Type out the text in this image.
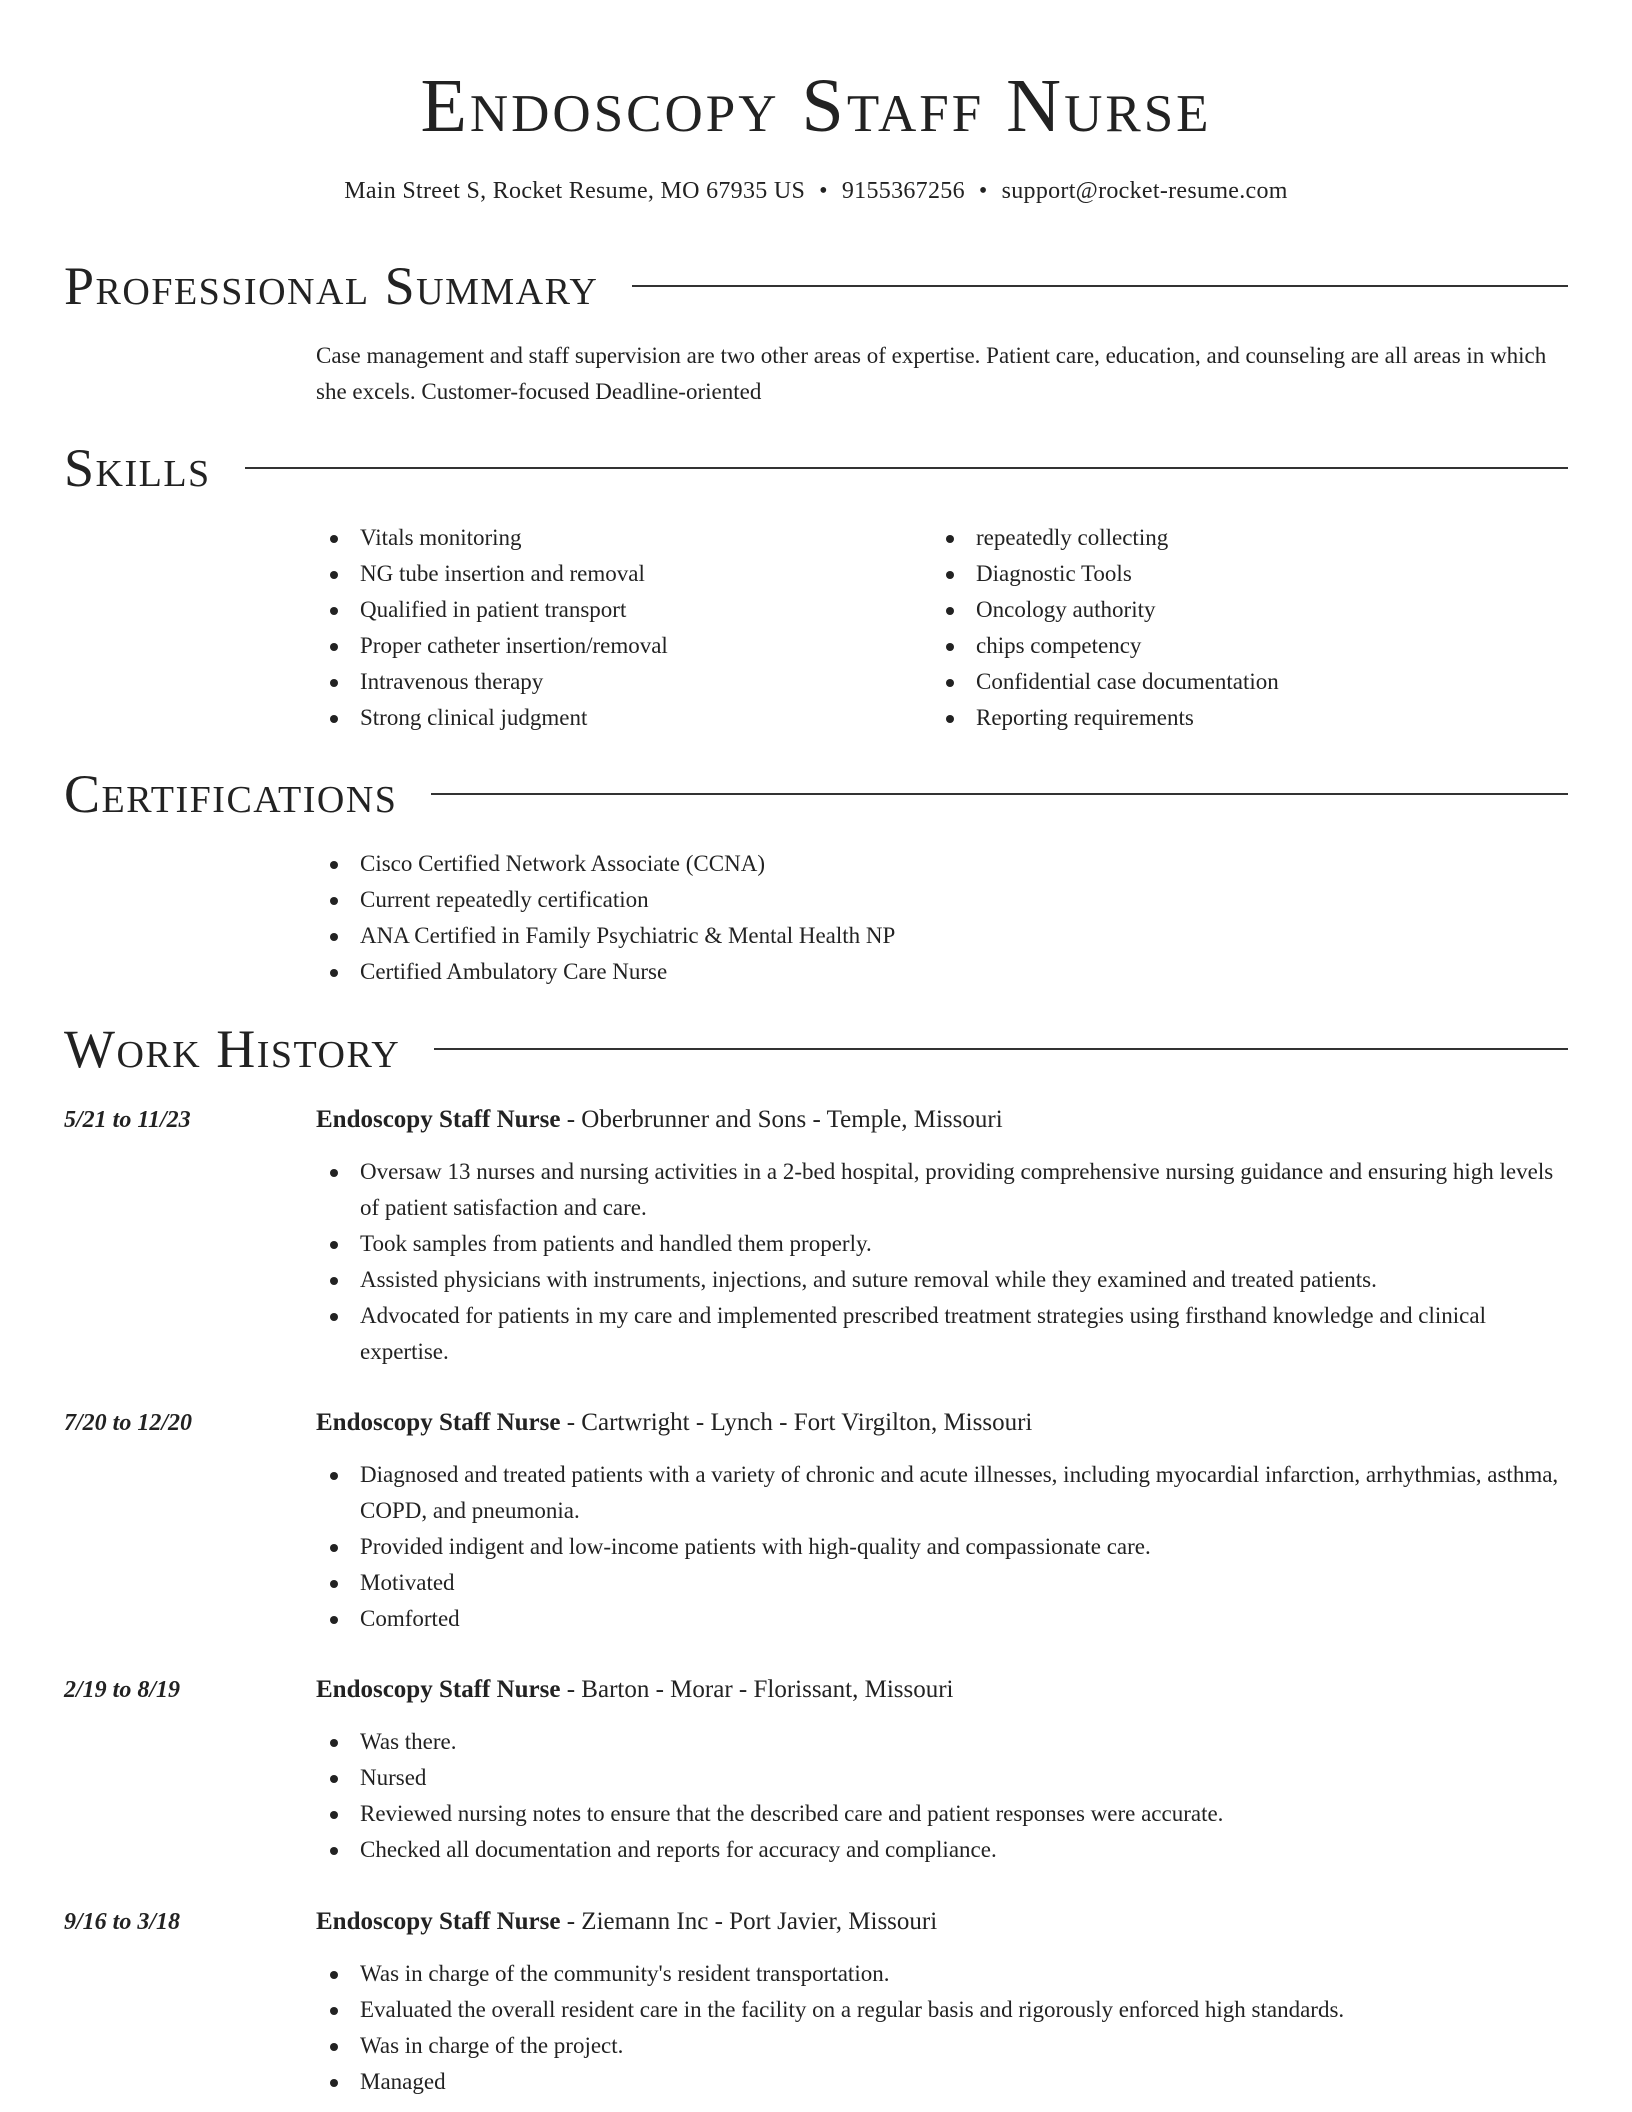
Endoscopy Staff Nurse
Main Street S, Rocket Resume, MO 67935 US • 9155367256 • support@rocket-resume.com
Professional Summary
Case management and staff supervision are two other areas of expertise. Patient care, education, and counseling are all areas in which she excels. Customer-focused Deadline-oriented
Skills
Vitals monitoring
NG tube insertion and removal
Qualified in patient transport
Proper catheter insertion/removal
Intravenous therapy
Strong clinical judgment
repeatedly collecting
Diagnostic Tools
Oncology authority
chips competency
Confidential case documentation
Reporting requirements
Certifications
Cisco Certified Network Associate (CCNA)
Current repeatedly certification
ANA Certified in Family Psychiatric & Mental Health NP
Certified Ambulatory Care Nurse
Work History
5/21 to 11/23	Endoscopy Staff Nurse - Oberbrunner and Sons - Temple, Missouri
Oversaw 13 nurses and nursing activities in a 2-bed hospital, providing comprehensive nursing guidance and ensuring high levels of patient satisfaction and care.
Took samples from patients and handled them properly.
Assisted physicians with instruments, injections, and suture removal while they examined and treated patients.
Advocated for patients in my care and implemented prescribed treatment strategies using firsthand knowledge and clinical expertise.
7/20 to 12/20	Endoscopy Staff Nurse - Cartwright - Lynch - Fort Virgilton, Missouri
Diagnosed and treated patients with a variety of chronic and acute illnesses, including myocardial infarction, arrhythmias, asthma, COPD, and pneumonia.
Provided indigent and low-income patients with high-quality and compassionate care.
Motivated
Comforted
2/19 to 8/19	Endoscopy Staff Nurse - Barton - Morar - Florissant, Missouri
Was there.
Nursed
Reviewed nursing notes to ensure that the described care and patient responses were accurate.
Checked all documentation and reports for accuracy and compliance.
9/16 to 3/18	Endoscopy Staff Nurse - Ziemann Inc - Port Javier, Missouri
Was in charge of the community's resident transportation.
Evaluated the overall resident care in the facility on a regular basis and rigorously enforced high standards.
Was in charge of the project.
Managed
